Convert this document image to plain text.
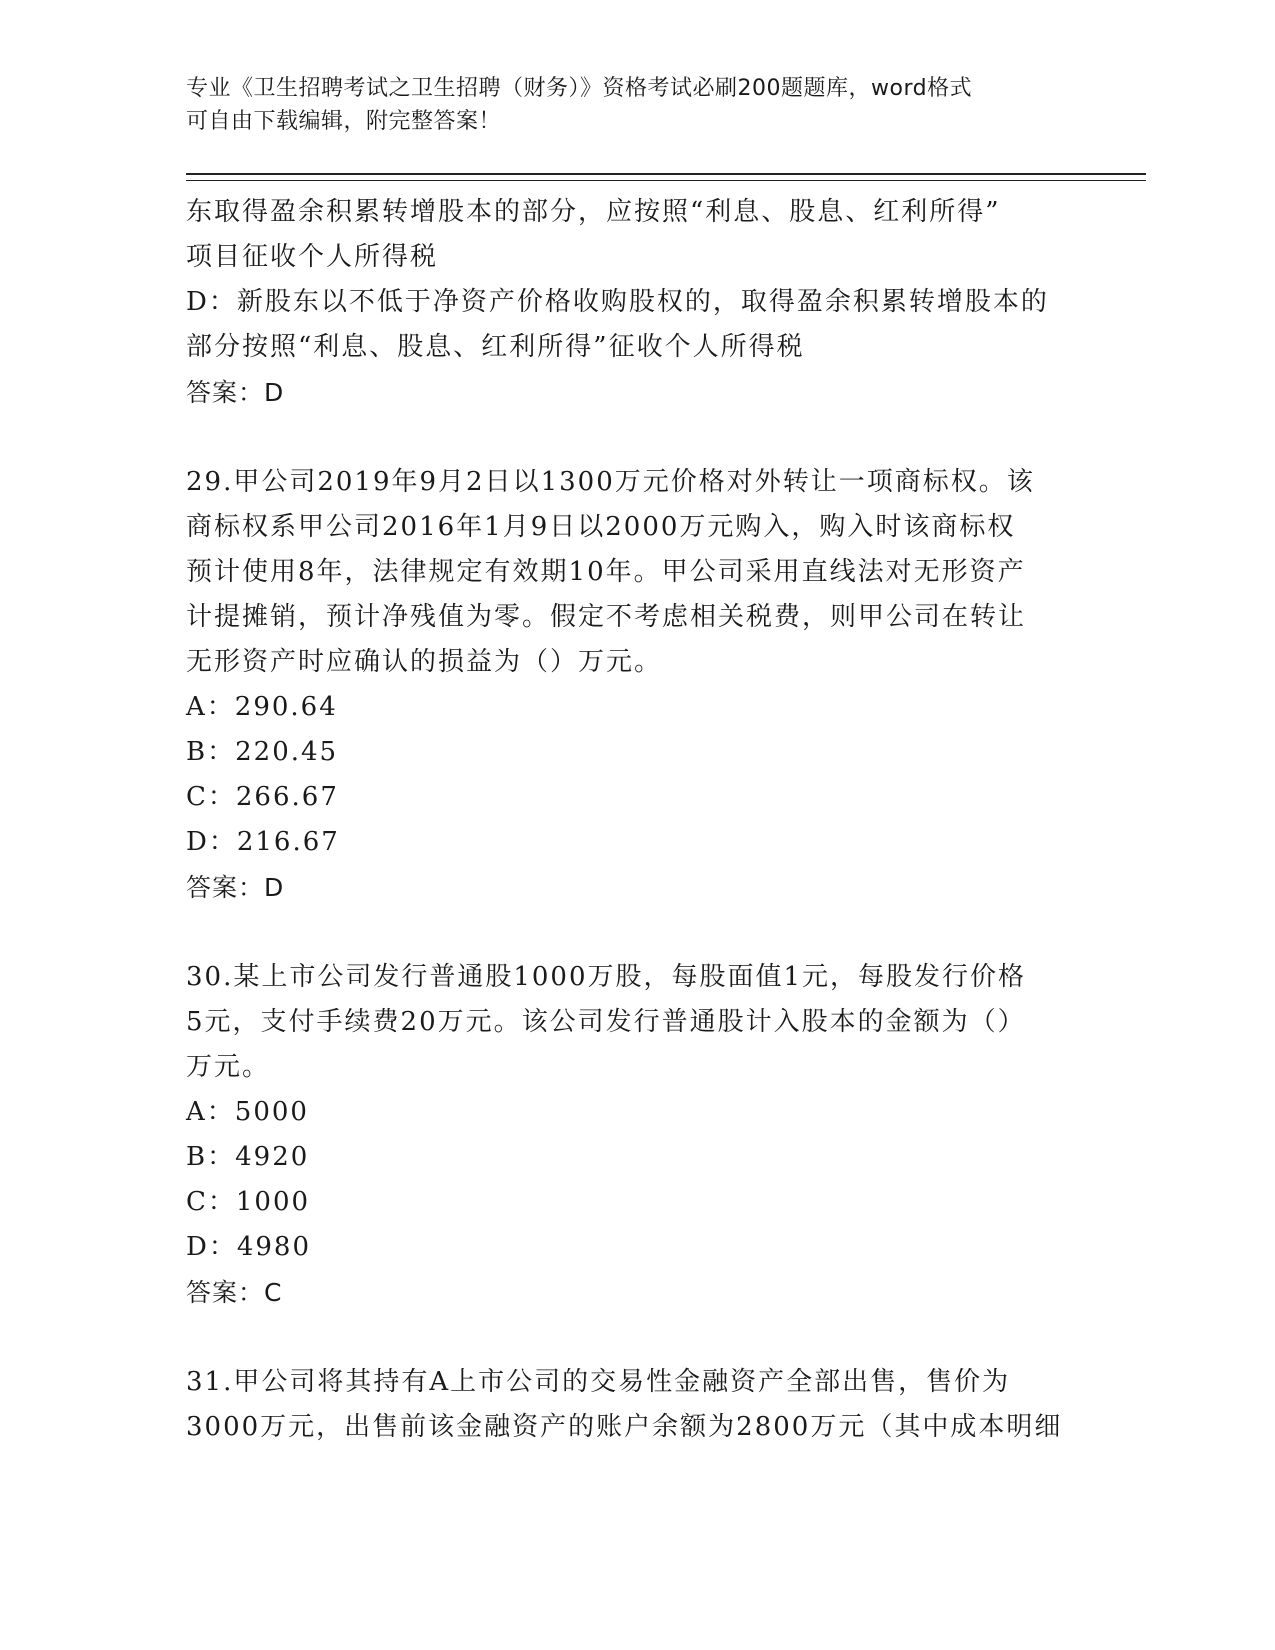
专业《卫生招聘考试之卫生招聘（财务）》资格考试必刷200题题库，word格式
可自由下载编辑，附完整答案！
东取得盈余积累转增股本的部分，应按照“利息、股息、红利所得”
项目征收个人所得税
D：新股东以不低于净资产价格收购股权的，取得盈余积累转增股本的
部分按照“利息、股息、红利所得”征收个人所得税
答案：D
29.甲公司2019年9月2日以1300万元价格对外转让一项商标权。该
商标权系甲公司2016年1月9日以2000万元购入，购入时该商标权
预计使用8年，法律规定有效期10年。甲公司采用直线法对无形资产
计提摊销，预计净残值为零。假定不考虑相关税费，则甲公司在转让
无形资产时应确认的损益为（）万元。
A：290.64
B：220.45
C：266.67
D：216.67
答案：D
30.某上市公司发行普通股1000万股，每股面值1元，每股发行价格
5元，支付手续费20万元。该公司发行普通股计入股本的金额为（）
万元。
A：5000
B：4920
C：1000
D：4980
答案：C
31.甲公司将其持有A上市公司的交易性金融资产全部出售，售价为
3000万元，出售前该金融资产的账户余额为2800万元（其中成本明细
